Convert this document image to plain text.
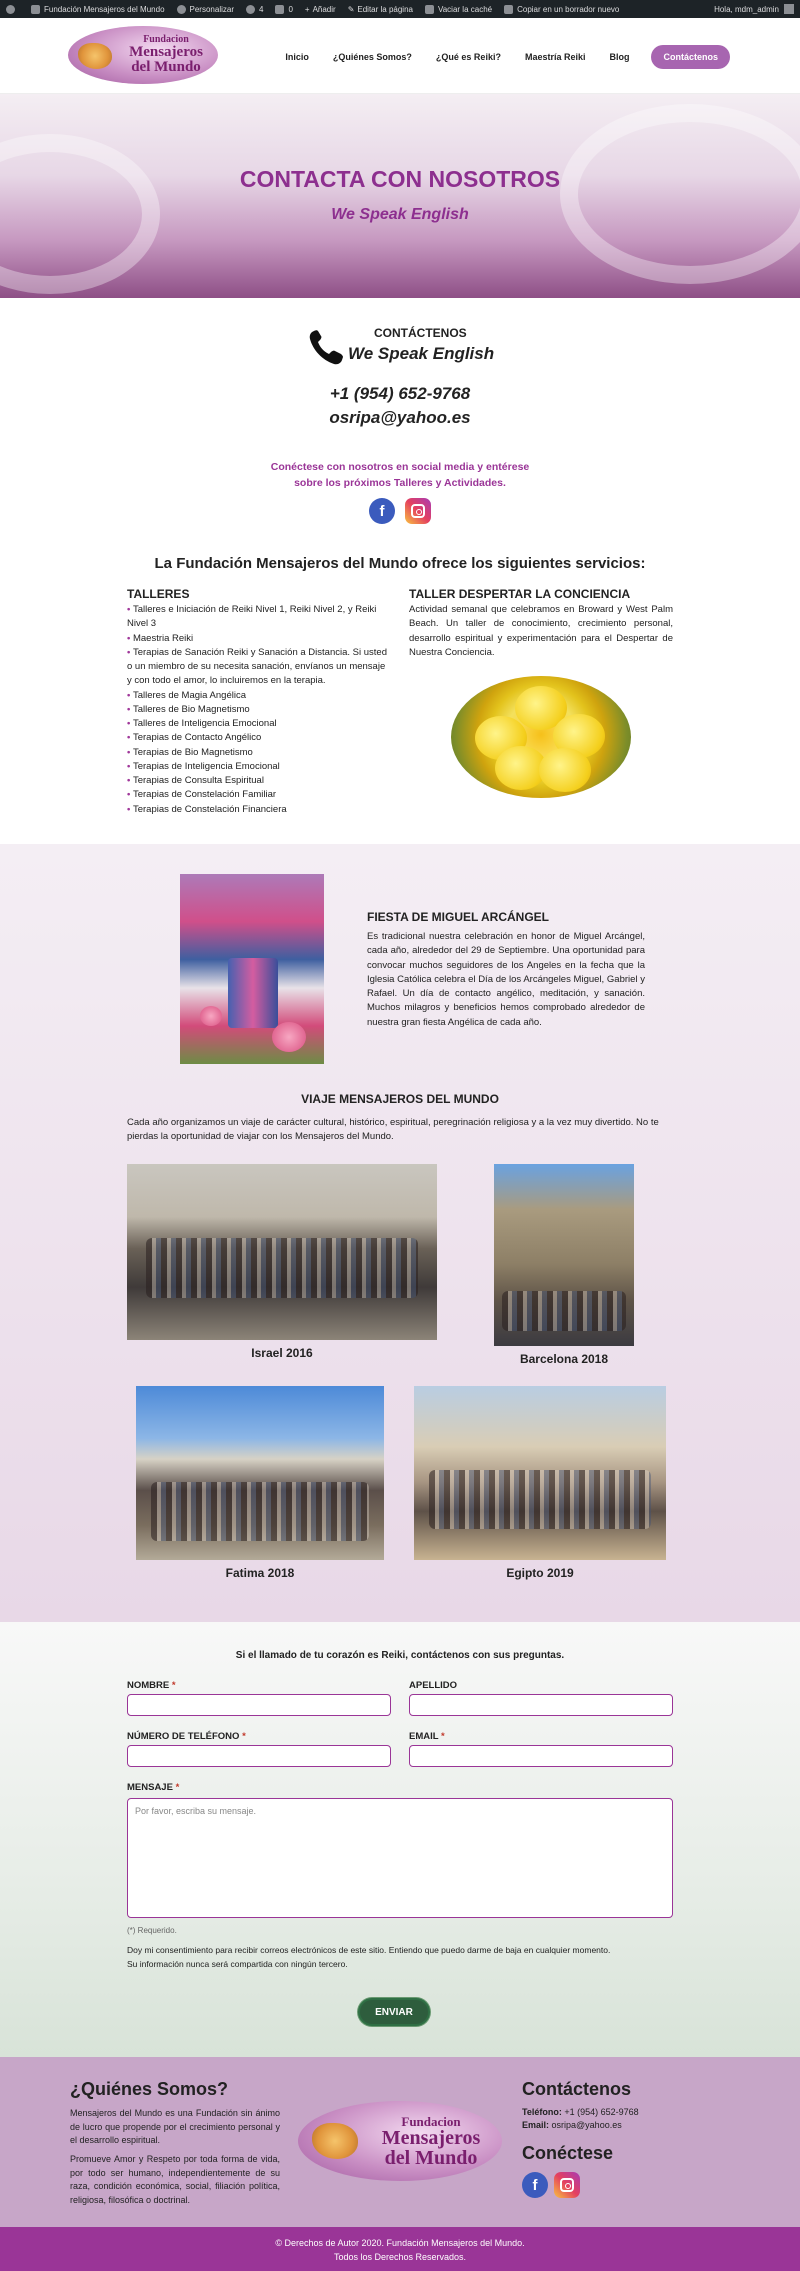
Fundación Mensajeros del Mundo	Personalizar	4	0 + Añadir ✎ Editar la página	Vaciar la caché	Copiar en un borrador nuevo	Hola, mdm_admin
Fundacion
Mensajeros
del Mundo
Inicio	¿Quiénes Somos?	¿Qué es Reiki?	Maestría Reiki	Blog	Contáctenos
CONTACTA CON NOSOTROS
We Speak English
CONTÁCTENOS
We Speak English
+1 (954) 652-9768
osripa@yahoo.es
Conéctese con nosotros en social media y entérese
sobre los próximos Talleres y Actividades.
f
La Fundación Mensajeros del Mundo ofrece los siguientes servicios:
TALLERES
• Talleres e Iniciación de Reiki Nivel 1, Reiki Nivel 2, y Reiki Nivel 3
• Maestria Reiki
• Terapias de Sanación Reiki y Sanación a Distancia. Si usted o un miembro de su necesita sanación, envíanos un mensaje y con todo el amor, lo incluiremos en la terapia.
• Talleres de Magia Angélica
• Talleres de Bio Magnetismo
• Talleres de Inteligencia Emocional
• Terapias de Contacto Angélico
• Terapias de Bio Magnetismo
• Terapias de Inteligencia Emocional
• Terapias de Consulta Espiritual
• Terapias de Constelación Familiar
• Terapias de Constelación Financiera
TALLER DESPERTAR LA CONCIENCIA
Actividad semanal que celebramos en Broward y West Palm Beach. Un taller de conocimiento, crecimiento personal, desarrollo espiritual y experimentación para el Despertar de Nuestra Conciencia.
FIESTA DE MIGUEL ARCÁNGEL
Es tradicional nuestra celebración en honor de Miguel Arcángel, cada año, alrededor del 29 de Septiembre. Una oportunidad para convocar muchos seguidores de los Angeles en la fecha que la Iglesia Católica celebra el Día de los Arcángeles Miguel, Gabriel y Rafael. Un día de contacto angélico, meditación, y sanación. Muchos milagros y beneficios hemos comprobado alrededor de nuestra gran fiesta Angélica de cada año.
VIAJE MENSAJEROS DEL MUNDO
Cada año organizamos un viaje de carácter cultural, histórico, espiritual, peregrinación religiosa y a la vez muy divertido. No te pierdas la oportunidad de viajar con los Mensajeros del Mundo.
Israel 2016	Barcelona 2018
Fatima 2018	Egipto 2019
Si el llamado de tu corazón es Reiki, contáctenos con sus preguntas.
NOMBRE *	APELLIDO
NÚMERO DE TELÉFONO *	EMAIL *
MENSAJE *
Por favor, escriba su mensaje.
(*) Requerido.
Doy mi consentimiento para recibir correos electrónicos de este sitio. Entiendo que puedo darme de baja en cualquier momento.
Su información nunca será compartida con ningún tercero.
ENVIAR
¿Quiénes Somos?
Mensajeros del Mundo es una Fundación sin ánimo de lucro que propende por el crecimiento personal y el desarrollo espiritual.
Promueve Amor y Respeto por toda forma de vida, por todo ser humano, independientemente de su raza, condición económica, social, filiación política, religiosa, filosófica o doctrinal.
Fundacion
Mensajeros
del Mundo
Contáctenos
Teléfono: +1 (954) 652-9768
Email: osripa@yahoo.es
Conéctese
f
© Derechos de Autor 2020. Fundación Mensajeros del Mundo.
Todos los Derechos Reservados.
